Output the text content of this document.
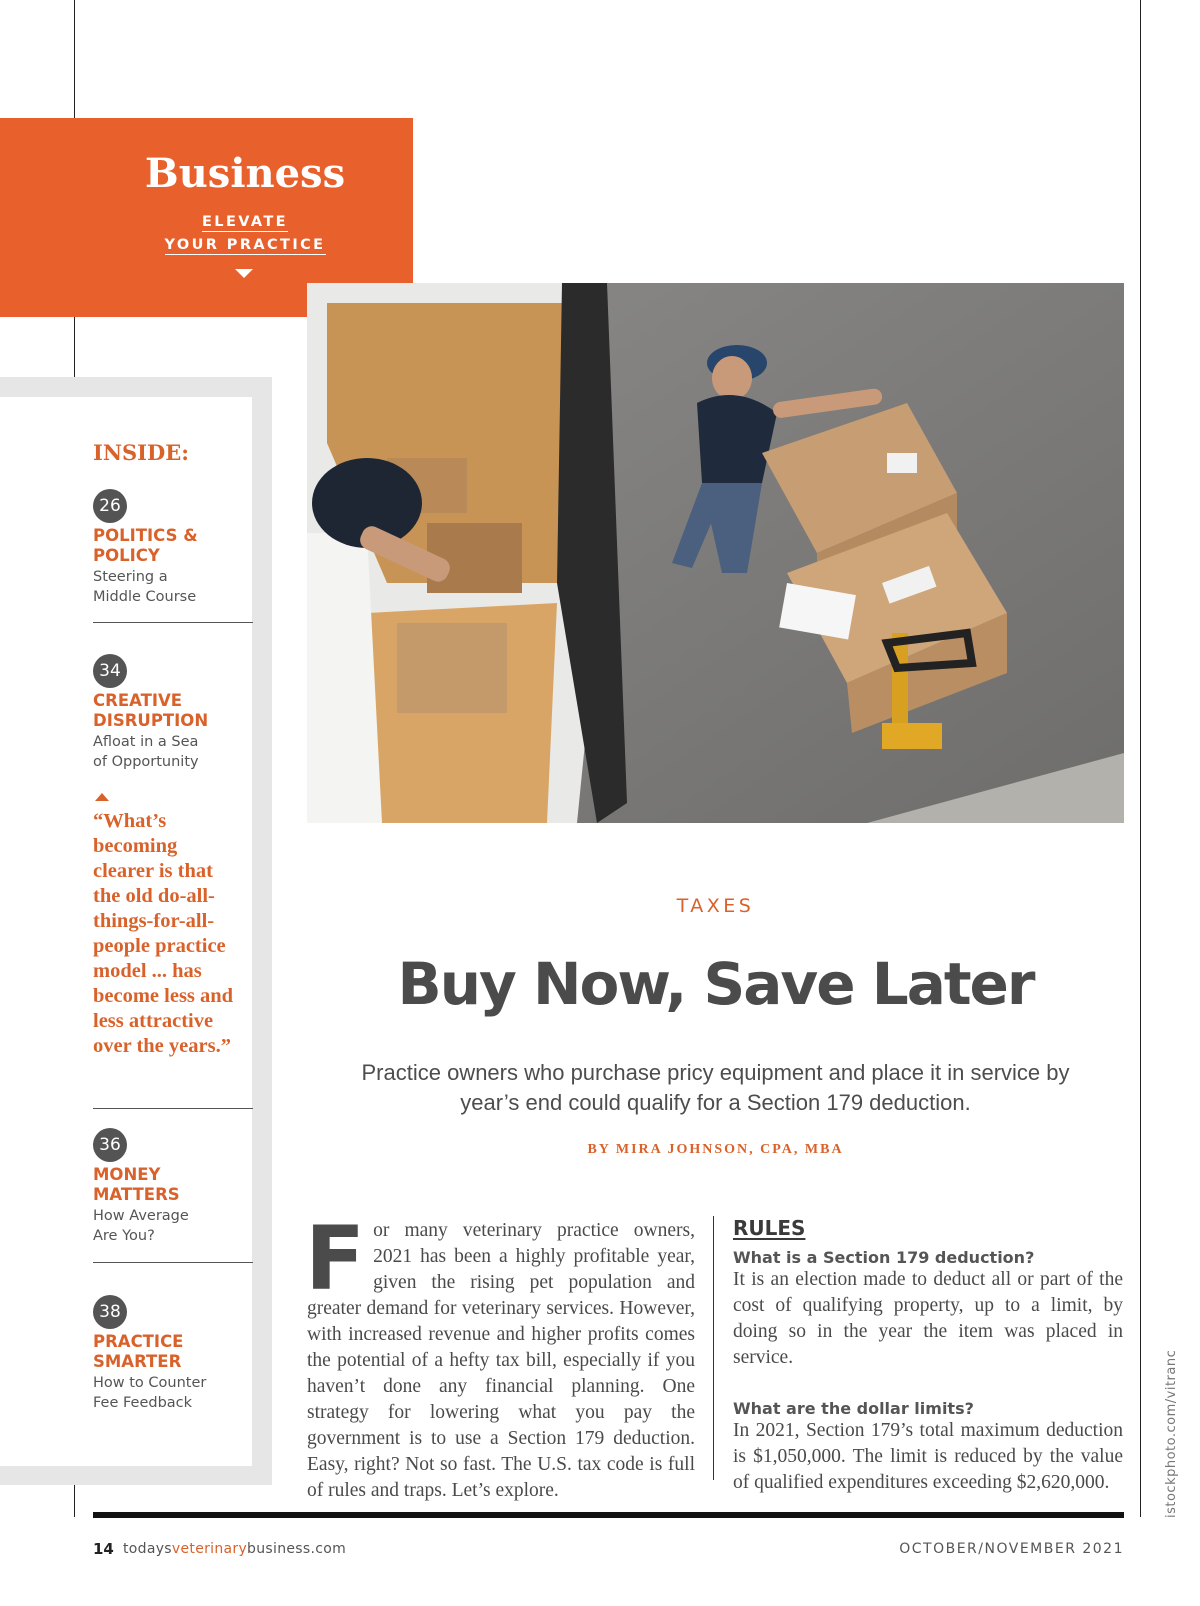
Business
ELEVATE
YOUR PRACTICE
INSIDE:
26
POLITICS &
POLICY
Steering a
Middle Course
34
CREATIVE
DISRUPTION
Afloat in a Sea
of Opportunity
“What’s becoming clearer is that the old do-all-things-for-all-people practice model ... has become less and less attractive over the years.”
36
MONEY
MATTERS
How Average
Are You?
38
PRACTICE
SMARTER
How to Counter
Fee Feedback
TAXES
Buy Now, Save Later
Practice owners who purchase pricy equipment and place it in service by year’s end could qualify for a Section 179 deduction.
BY MIRA JOHNSON, CPA, MBA
For many veterinary practice owners, 2021 has been a highly profitable year, given the rising pet population and greater demand for veterinary services. However, with increased revenue and higher profits comes the potential of a hefty tax bill, especially if you haven’t done any financial planning. One strategy for lowering what you pay the government is to use a Section 179 deduction. Easy, right? Not so fast. The U.S. tax code is full of rules and traps. Let’s explore.
RULES
What is a Section 179 deduction?
It is an election made to deduct all or part of the cost of qualifying property, up to a limit, by doing so in the year the item was placed in service.
What are the dollar limits?
In 2021, Section 179’s total maximum deduction is $1,050,000. The limit is reduced by the value of qualified expenditures exceeding $2,620,000.	istockphoto.com/vitranc
14 todaysveterinarybusiness.com	OCTOBER/NOVEMBER 2021
